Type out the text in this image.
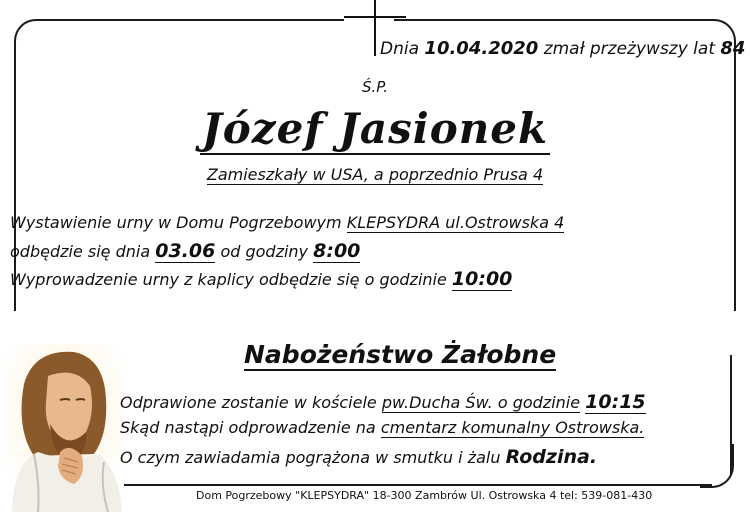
Dnia 10.04.2020 zmał przeżywszy lat 84
Ś.P.
Józef Jasionek
Zamieszkały w USA, a poprzednio Prusa 4
Wystawienie urny w Domu Pogrzebowym KLEPSYDRA ul.Ostrowska 4
odbędzie się dnia 03.06 od godziny 8:00
Wyprowadzenie urny z kaplicy odbędzie się o godzinie 10:00
Nabożeństwo Żałobne
Odprawione zostanie w kościele pw.Ducha Św. o godzinie 10:15
Skąd nastąpi odprowadzenie na cmentarz komunalny Ostrowska.
O czym zawiadamia pogrążona w smutku i żalu Rodzina.
Dom Pogrzebowy "KLEPSYDRA" 18-300 Zambrów Ul. Ostrowska 4 tel: 539-081-430
